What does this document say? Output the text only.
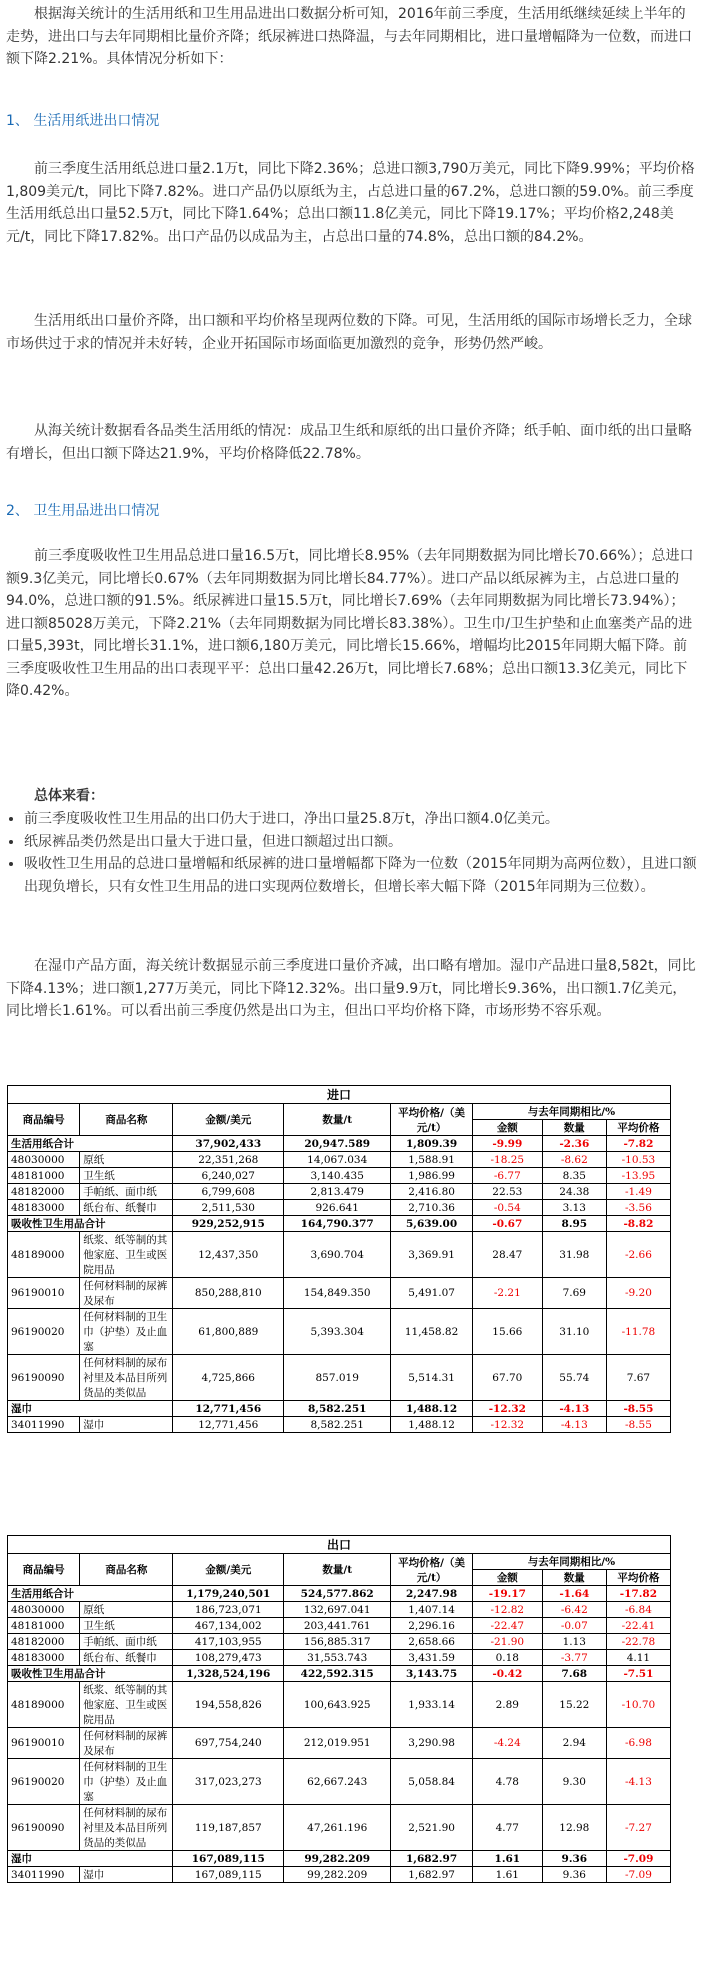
根据海关统计的生活用纸和卫生用品进出口数据分析可知，2016年前三季度，生活用纸继续延续上半年的走势，进出口与去年同期相比量价齐降；纸尿裤进口热降温，与去年同期相比，进口量增幅降为一位数，而进口额下降2.21%。具体情况分析如下：

1、 生活用纸进出口情况

前三季度生活用纸总进口量2.1万t，同比下降2.36%；总进口额3,790万美元，同比下降9.99%；平均价格1,809美元/t，同比下降7.82%。进口产品仍以原纸为主，占总进口量的67.2%，总进口额的59.0%。前三季度生活用纸总出口量52.5万t，同比下降1.64%；总出口额11.8亿美元，同比下降19.17%；平均价格2,248美元/t，同比下降17.82%。出口产品仍以成品为主，占总出口量的74.8%，总出口额的84.2%。

生活用纸出口量价齐降，出口额和平均价格呈现两位数的下降。可见，生活用纸的国际市场增长乏力，全球市场供过于求的情况并未好转，企业开拓国际市场面临更加激烈的竞争，形势仍然严峻。

从海关统计数据看各品类生活用纸的情况：成品卫生纸和原纸的出口量价齐降；纸手帕、面巾纸的出口量略有增长，但出口额下降达21.9%，平均价格降低22.78%。

2、 卫生用品进出口情况

前三季度吸收性卫生用品总进口量16.5万t，同比增长8.95%（去年同期数据为同比增长70.66%）；总进口额9.3亿美元，同比增长0.67%（去年同期数据为同比增长84.77%）。进口产品以纸尿裤为主，占总进口量的94.0%，总进口额的91.5%。纸尿裤进口量15.5万t，同比增长7.69%（去年同期数据为同比增长73.94%）；进口额85028万美元，下降2.21%（去年同期数据为同比增长83.38%）。卫生巾/卫生护垫和止血塞类产品的进口量5,393t，同比增长31.1%，进口额6,180万美元，同比增长15.66%，增幅均比2015年同期大幅下降。前三季度吸收性卫生用品的出口表现平平：总出口量42.26万t，同比增长7.68%；总出口额13.3亿美元，同比下降0.42%。

总体来看：

• 前三季度吸收性卫生用品的出口仍大于进口，净出口量25.8万t，净出口额4.0亿美元。
• 纸尿裤品类仍然是出口量大于进口量，但进口额超过出口额。
• 吸收性卫生用品的总进口量增幅和纸尿裤的进口量增幅都下降为一位数（2015年同期为高两位数），且进口额出现负增长，只有女性卫生用品的进口实现两位数增长，但增长率大幅下降（2015年同期为三位数）。

在湿巾产品方面，海关统计数据显示前三季度进口量价齐减，出口略有增加。湿巾产品进口量8,582t，同比下降4.13%；进口额1,277万美元，同比下降12.32%。出口量9.9万t，同比增长9.36%，出口额1.7亿美元，同比增长1.61%。可以看出前三季度仍然是出口为主，但出口平均价格下降，市场形势不容乐观。

进口							
商品编号	商品名称	金额/美元	数量/t	平均价格/（美元/t）	与去年同期相比/%		
					金额	数量	平均价格
生活用纸合计		37,902,433	20,947.589	1,809.39	-9.99	-2.36	-7.82
48030000	原纸	22,351,268	14,067.034	1,588.91	-18.25	-8.62	-10.53
48181000	卫生纸	6,240,027	3,140.435	1,986.99	-6.77	8.35	-13.95
48182000	手帕纸、面巾纸	6,799,608	2,813.479	2,416.80	22.53	24.38	-1.49
48183000	纸台布、纸餐巾	2,511,530	926.641	2,710.36	-0.54	3.13	-3.56
吸收性卫生用品合计		929,252,915	164,790.377	5,639.00	-0.67	8.95	-8.82
48189000	纸浆、纸等制的其他家庭、卫生或医院用品	12,437,350	3,690.704	3,369.91	28.47	31.98	-2.66
96190010	任何材料制的尿裤及尿布	850,288,810	154,849.350	5,491.07	-2.21	7.69	-9.20
96190020	任何材料制的卫生巾（护垫）及止血塞	61,800,889	5,393.304	11,458.82	15.66	31.10	-11.78
96190090	任何材料制的尿布衬里及本品目所列货品的类似品	4,725,866	857.019	5,514.31	67.70	55.74	7.67
湿巾		12,771,456	8,582.251	1,488.12	-12.32	-4.13	-8.55
34011990	湿巾	12,771,456	8,582.251	1,488.12	-12.32	-4.13	-8.55
出口							
商品编号	商品名称	金额/美元	数量/t	平均价格/（美元/t）	与去年同期相比/%		
					金额	数量	平均价格
生活用纸合计		1,179,240,501	524,577.862	2,247.98	-19.17	-1.64	-17.82
48030000	原纸	186,723,071	132,697.041	1,407.14	-12.82	-6.42	-6.84
48181000	卫生纸	467,134,002	203,441.761	2,296.16	-22.47	-0.07	-22.41
48182000	手帕纸、面巾纸	417,103,955	156,885.317	2,658.66	-21.90	1.13	-22.78
48183000	纸台布、纸餐巾	108,279,473	31,553.743	3,431.59	0.18	-3.77	4.11
吸收性卫生用品合计		1,328,524,196	422,592.315	3,143.75	-0.42	7.68	-7.51
48189000	纸浆、纸等制的其他家庭、卫生或医院用品	194,558,826	100,643.925	1,933.14	2.89	15.22	-10.70
96190010	任何材料制的尿裤及尿布	697,754,240	212,019.951	3,290.98	-4.24	2.94	-6.98
96190020	任何材料制的卫生巾（护垫）及止血塞	317,023,273	62,667.243	5,058.84	4.78	9.30	-4.13
96190090	任何材料制的尿布衬里及本品目所列货品的类似品	119,187,857	47,261.196	2,521.90	4.77	12.98	-7.27
湿巾		167,089,115	99,282.209	1,682.97	1.61	9.36	-7.09
34011990	湿巾	167,089,115	99,282.209	1,682.97	1.61	9.36	-7.09
